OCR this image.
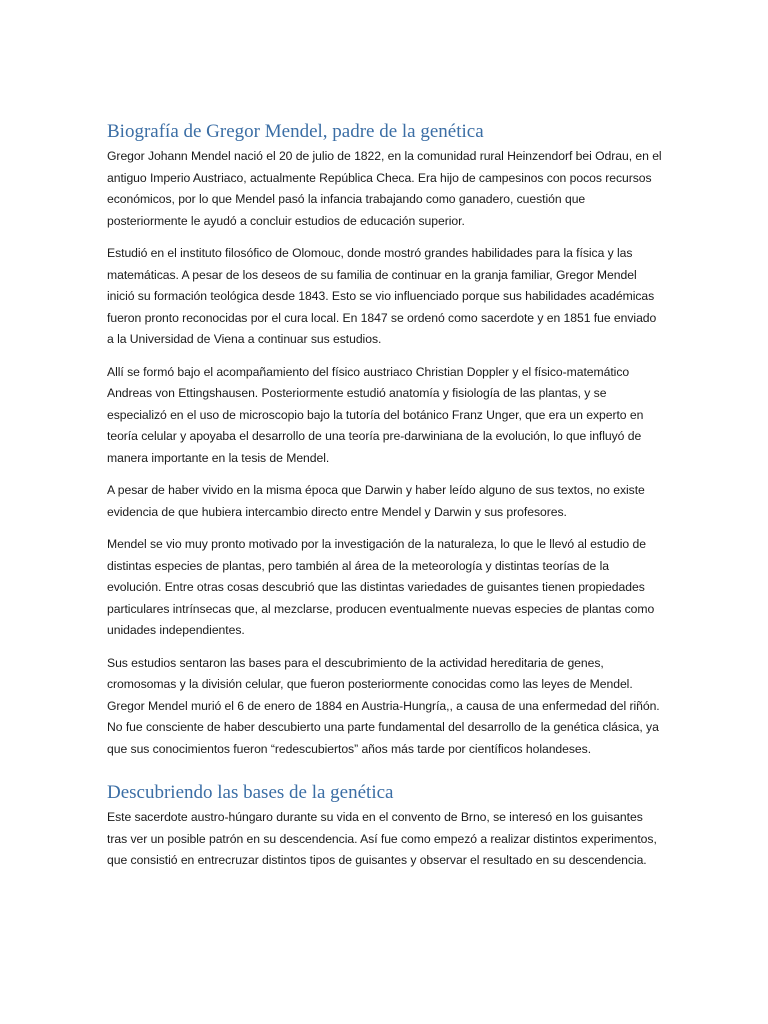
Biografía de Gregor Mendel, padre de la genética

Gregor Johann Mendel nació el 20 de julio de 1822, en la comunidad rural Heinzendorf bei Odrau, en el antiguo Imperio Austriaco, actualmente República Checa. Era hijo de campesinos con pocos recursos económicos, por lo que Mendel pasó la infancia trabajando como ganadero, cuestión que posteriormente le ayudó a concluir estudios de educación superior.

Estudió en el instituto filosófico de Olomouc, donde mostró grandes habilidades para la física y las matemáticas. A pesar de los deseos de su familia de continuar en la granja familiar, Gregor Mendel inició su formación teológica desde 1843. Esto se vio influenciado porque sus habilidades académicas fueron pronto reconocidas por el cura local. En 1847 se ordenó como sacerdote y en 1851 fue enviado a la Universidad de Viena a continuar sus estudios.

Allí se formó bajo el acompañamiento del físico austriaco Christian Doppler y el físico-matemático Andreas von Ettingshausen. Posteriormente estudió anatomía y fisiología de las plantas, y se especializó en el uso de microscopio bajo la tutoría del botánico Franz Unger, que era un experto en teoría celular y apoyaba el desarrollo de una teoría pre-darwiniana de la evolución, lo que influyó de manera importante en la tesis de Mendel.

A pesar de haber vivido en la misma época que Darwin y haber leído alguno de sus textos, no existe evidencia de que hubiera intercambio directo entre Mendel y Darwin y sus profesores.

Mendel se vio muy pronto motivado por la investigación de la naturaleza, lo que le llevó al estudio de distintas especies de plantas, pero también al área de la meteorología y distintas teorías de la evolución. Entre otras cosas descubrió que las distintas variedades de guisantes tienen propiedades particulares intrínsecas que, al mezclarse, producen eventualmente nuevas especies de plantas como unidades independientes.

Sus estudios sentaron las bases para el descubrimiento de la actividad hereditaria de genes, cromosomas y la división celular, que fueron posteriormente conocidas como las leyes de Mendel. Gregor Mendel murió el 6 de enero de 1884 en Austria-Hungría,, a causa de una enfermedad del riñón. No fue consciente de haber descubierto una parte fundamental del desarrollo de la genética clásica, ya que sus conocimientos fueron “redescubiertos” años más tarde por científicos holandeses.

Descubriendo las bases de la genética

Este sacerdote austro-húngaro durante su vida en el convento de Brno, se interesó en los guisantes tras ver un posible patrón en su descendencia. Así fue como empezó a realizar distintos experimentos, que consistió en entrecruzar distintos tipos de guisantes y observar el resultado en su descendencia.
